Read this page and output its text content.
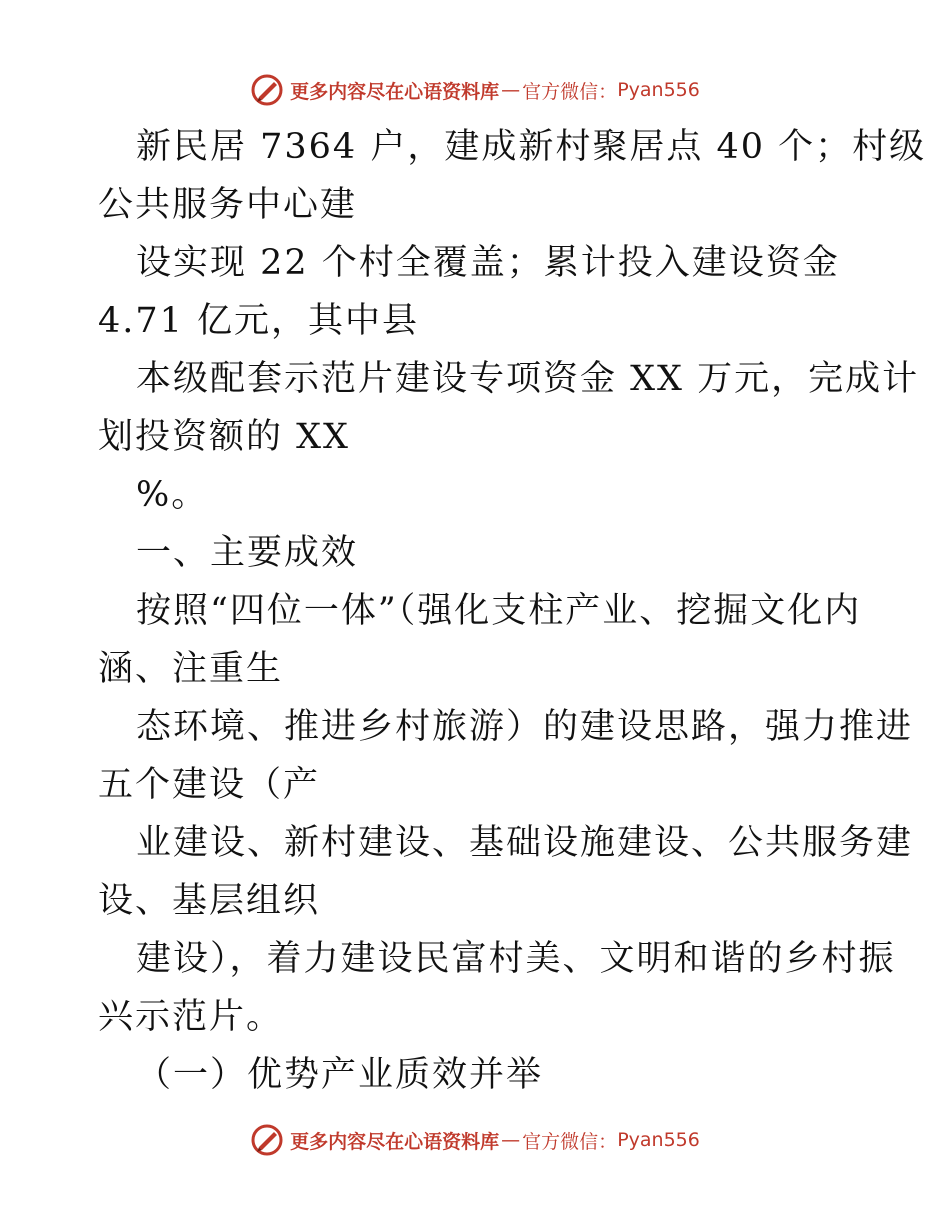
更多内容尽在心语资料库 — 官方微信： Pyan556
新民居 7364 户，建成新村聚居点 40 个；村级
公共服务中心建
设实现 22 个村全覆盖；累计投入建设资金
4.71 亿元，其中县
本级配套示范片建设专项资金 XX 万元，完成计
划投资额的 XX
%。
一、主要成效
按照“四位一体”（强化支柱产业、挖掘文化内
涵、注重生
态环境、推进乡村旅游）的建设思路，强力推进
五个建设（产
业建设、新村建设、基础设施建设、公共服务建
设、基层组织
建设），着力建设民富村美、文明和谐的乡村振
兴示范片。
（一）优势产业质效并举
更多内容尽在心语资料库 — 官方微信： Pyan556
